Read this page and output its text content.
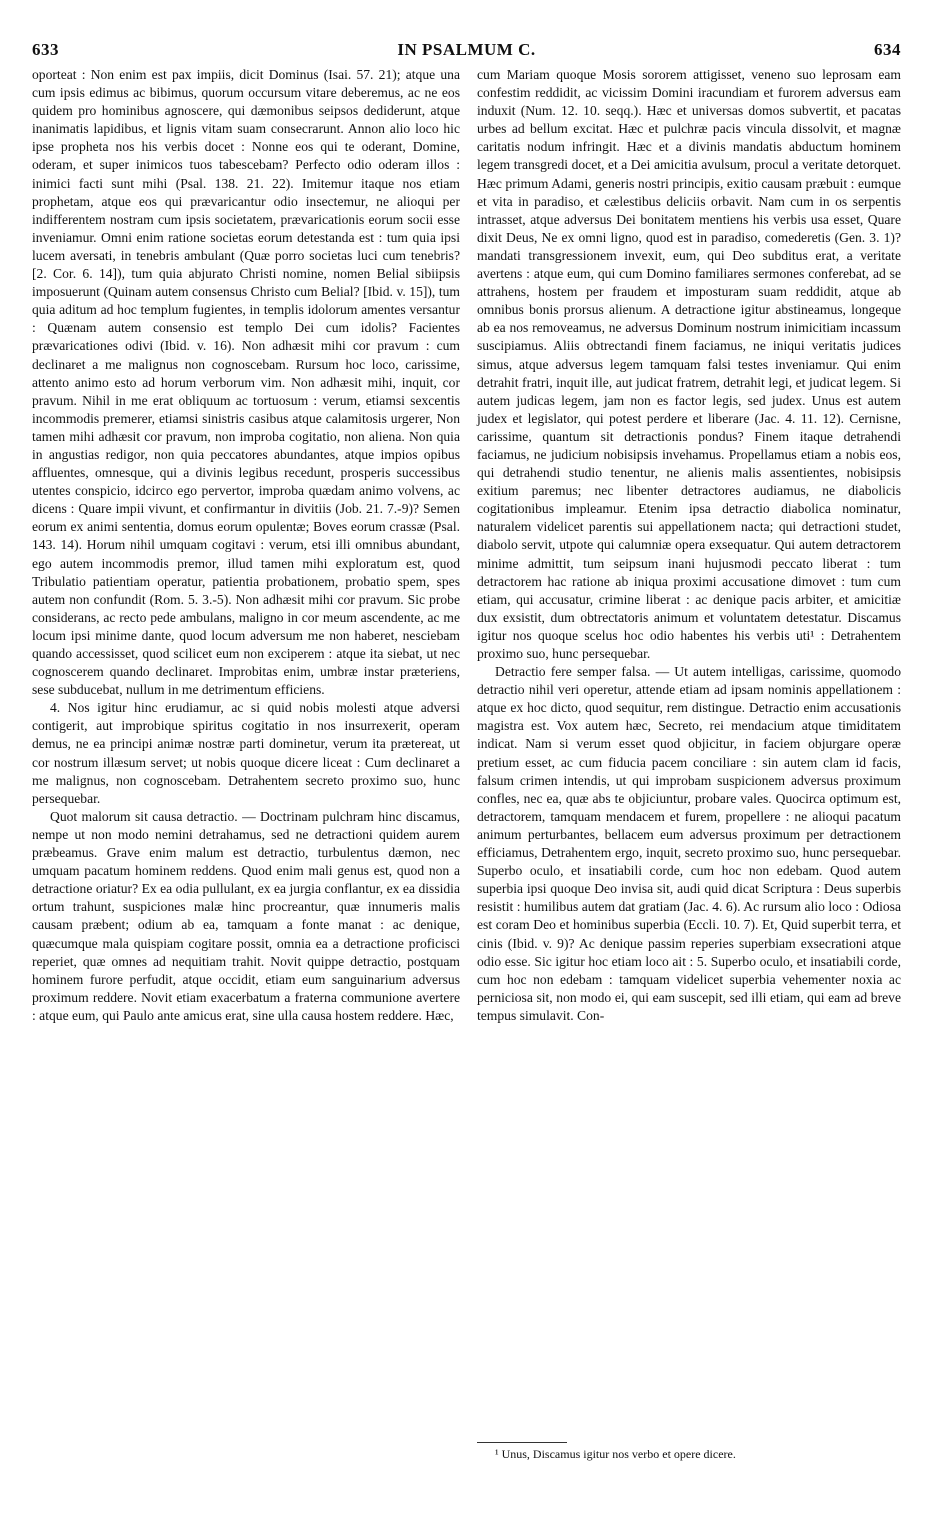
633	IN PSALMUM C.	634

oporteat : Non enim est pax impiis, dicit Dominus (Isai. 57. 21); atque una cum ipsis edimus ac bibimus, quorum occursum vitare deberemus, ac ne eos quidem pro hominibus agnoscere, qui dæmonibus seipsos dediderunt, atque inanimatis lapidibus, et lignis vitam suam consecrarunt. Annon alio loco hic ipse propheta nos his verbis docet : Nonne eos qui te oderant, Domine, oderam, et super inimicos tuos tabescebam? Perfecto odio oderam illos : inimici facti sunt mihi (Psal. 138. 21. 22). Imitemur itaque nos etiam prophetam, atque eos qui prævaricantur odio insectemur, ne alioqui per indifferentem nostram cum ipsis societatem, prævaricationis eorum socii esse inveniamur. Omni enim ratione societas eorum detestanda est : tum quia ipsi lucem aversati, in tenebris ambulant (Quæ porro societas luci cum tenebris? [2. Cor. 6. 14]), tum quia abjurato Christi nomine, nomen Belial sibiipsis imposuerunt (Quinam autem consensus Christo cum Belial? [Ibid. v. 15]), tum quia aditum ad hoc templum fugientes, in templis idolorum amentes versantur : Quænam autem consensio est templo Dei cum idolis? Facientes prævaricationes odivi (Ibid. v. 16). Non adhæsit mihi cor pravum : cum declinaret a me malignus non cognoscebam. Rursum hoc loco, carissime, attento animo esto ad horum verborum vim. Non adhæsit mihi, inquit, cor pravum. Nihil in me erat obliquum ac tortuosum : verum, etiamsi sexcentis incommodis premerer, etiamsi sinistris casibus atque calamitosis urgerer, Non tamen mihi adhæsit cor pravum, non improba cogitatio, non aliena. Non quia in angustias redigor, non quia peccatores abundantes, atque impios opibus affluentes, omnesque, qui a divinis legibus recedunt, prosperis successibus utentes conspicio, idcirco ego pervertor, improba quædam animo volvens, ac dicens : Quare impii vivunt, et confirmantur in divitiis (Job. 21. 7.-9)? Semen eorum ex animi sententia, domus eorum opulentæ; Boves eorum crassæ (Psal. 143. 14). Horum nihil umquam cogitavi : verum, etsi illi omnibus abundant, ego autem incommodis premor, illud tamen mihi exploratum est, quod Tribulatio patientiam operatur, patientia probationem, probatio spem, spes autem non confundit (Rom. 5. 3.-5). Non adhæsit mihi cor pravum. Sic probe considerans, ac recto pede ambulans, maligno in cor meum ascendente, ac me locum ipsi minime dante, quod locum adversum me non haberet, nesciebam quando accessisset, quod scilicet eum non exciperem : atque ita siebat, ut nec cognoscerem quando declinaret. Improbitas enim, umbræ instar præteriens, sese subducebat, nullum in me detrimentum efficiens.

4. Nos igitur hinc erudiamur, ac si quid nobis molesti atque adversi contigerit, aut improbique spiritus cogitatio in nos insurrexerit, operam demus, ne ea principi animæ nostræ parti dominetur, verum ita prætereat, ut cor nostrum illæsum servet; ut nobis quoque dicere liceat : Cum declinaret a me malignus, non cognoscebam. Detrahentem secreto proximo suo, hunc persequebar.

Quot malorum sit causa detractio. — Doctrinam pulchram hinc discamus, nempe ut non modo nemini detrahamus, sed ne detractioni quidem aurem præbeamus. Grave enim malum est detractio, turbulentus dæmon, nec umquam pacatum hominem reddens. Quod enim mali genus est, quod non a detractione oriatur? Ex ea odia pullulant, ex ea jurgia conflantur, ex ea dissidia ortum trahunt, suspiciones malæ hinc procreantur, quæ innumeris malis causam præbent; odium ab ea, tamquam a fonte manat : ac denique, quæcumque mala quispiam cogitare possit, omnia ea a detractione proficisci reperiet, quæ omnes ad nequitiam trahit. Novit quippe detractio, postquam hominem furore perfudit, atque occidit, etiam eum sanguinarium adversus proximum reddere. Novit etiam exacerbatum a fraterna communione avertere : atque eum, qui Paulo ante amicus erat, sine ulla causa hostem reddere. Hæc,

cum Mariam quoque Mosis sororem attigisset, veneno suo leprosam eam confestim reddidit, ac vicissim Domini iracundiam et furorem adversus eam induxit (Num. 12. 10. seqq.). Hæc et universas domos subvertit, et pacatas urbes ad bellum excitat. Hæc et pulchræ pacis vincula dissolvit, et magnæ caritatis nodum infringit. Hæc et a divinis mandatis abductum hominem legem transgredi docet, et a Dei amicitia avulsum, procul a veritate detorquet. Hæc primum Adami, generis nostri principis, exitio causam præbuit : eumque et vita in paradiso, et cælestibus deliciis orbavit. Nam cum in os serpentis intrasset, atque adversus Dei bonitatem mentiens his verbis usa esset, Quare dixit Deus, Ne ex omni ligno, quod est in paradiso, comederetis (Gen. 3. 1)? mandati transgressionem invexit, eum, qui Deo subditus erat, a veritate avertens : atque eum, qui cum Domino familiares sermones conferebat, ad se attrahens, hostem per fraudem et imposturam suam reddidit, atque ab omnibus bonis prorsus alienum. A detractione igitur abstineamus, longeque ab ea nos removeamus, ne adversus Dominum nostrum inimicitiam incassum suscipiamus. Aliis obtrectandi finem faciamus, ne iniqui veritatis judices simus, atque adversus legem tamquam falsi testes inveniamur. Qui enim detrahit fratri, inquit ille, aut judicat fratrem, detrahit legi, et judicat legem. Si autem judicas legem, jam non es factor legis, sed judex. Unus est autem judex et legislator, qui potest perdere et liberare (Jac. 4. 11. 12). Cernisne, carissime, quantum sit detractionis pondus? Finem itaque detrahendi faciamus, ne judicium nobisipsis invehamus. Propellamus etiam a nobis eos, qui detrahendi studio tenentur, ne alienis malis assentientes, nobisipsis exitium paremus; nec libenter detractores audiamus, ne diabolicis cogitationibus impleamur. Etenim ipsa detractio diabolica nominatur, naturalem videlicet parentis sui appellationem nacta; qui detractioni studet, diabolo servit, utpote qui calumniæ opera exsequatur. Qui autem detractorem minime admittit, tum seipsum inani hujusmodi peccato liberat : tum detractorem hac ratione ab iniqua proximi accusatione dimovet : tum cum etiam, qui accusatur, crimine liberat : ac denique pacis arbiter, et amicitiæ dux exsistit, dum obtrectatoris animum et voluntatem detestatur. Discamus igitur nos quoque scelus hoc odio habentes his verbis uti¹ : Detrahentem proximo suo, hunc persequebar.

Detractio fere semper falsa. — Ut autem intelligas, carissime, quomodo detractio nihil veri operetur, attende etiam ad ipsam nominis appellationem : atque ex hoc dicto, quod sequitur, rem distingue. Detractio enim accusationis magistra est. Vox autem hæc, Secreto, rei mendacium atque timiditatem indicat. Nam si verum esset quod objicitur, in faciem objurgare operæ pretium esset, ac cum fiducia pacem conciliare : sin autem clam id facis, falsum crimen intendis, ut qui improbam suspicionem adversus proximum confles, nec ea, quæ abs te objiciuntur, probare vales. Quocirca optimum est, detractorem, tamquam mendacem et furem, propellere : ne alioqui pacatum animum perturbantes, bellacem eum adversus proximum per detractionem efficiamus, Detrahentem ergo, inquit, secreto proximo suo, hunc persequebar. Superbo oculo, et insatiabili corde, cum hoc non edebam. Quod autem superbia ipsi quoque Deo invisa sit, audi quid dicat Scriptura : Deus superbis resistit : humilibus autem dat gratiam (Jac. 4. 6). Ac rursum alio loco : Odiosa est coram Deo et hominibus superbia (Eccli. 10. 7). Et, Quid superbit terra, et cinis (Ibid. v. 9)? Ac denique passim reperies superbiam exsecrationi atque odio esse. Sic igitur hoc etiam loco ait : 5. Superbo oculo, et insatiabili corde, cum hoc non edebam : tamquam videlicet superbia vehementer noxia ac perniciosa sit, non modo ei, qui eam suscepit, sed illi etiam, qui eam ad breve tempus simulavit. Con-

¹ Unus, Discamus igitur nos verbo et opere dicere.
